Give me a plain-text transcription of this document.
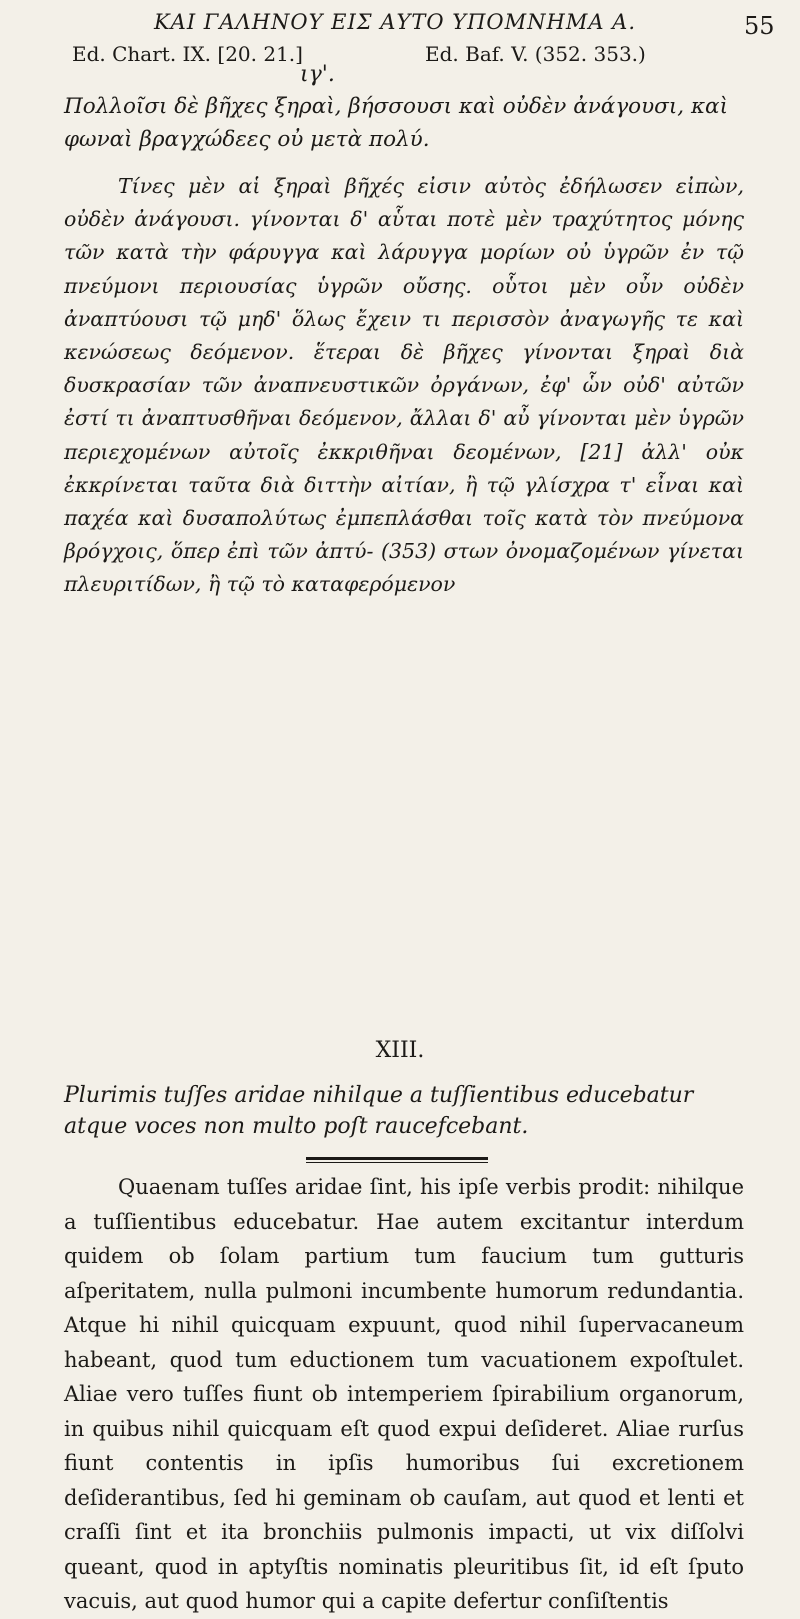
ΚΑΙ ΓΑΛΗΝΟΥ ΕΙΣ ΑΥΤΟ ΥΠΟΜΝΗΜΑ Α.	55
Ed. Chart. IX. [20. 21.]	Ed. Baf. V. (352. 353.)
ιγ'.
Πολλοῖσι δὲ βῆχες ξηραὶ, βήσσουσι καὶ οὐδὲν ἀνάγουσι, καὶ φωναὶ βραγχώδεες οὐ μετὰ πολύ.
Τίνες μὲν αἱ ξηραὶ βῆχές εἰσιν αὐτὸς ἐδήλωσεν εἰπὼν, οὐδὲν ἀνάγουσι. γίνονται δ' αὗται ποτὲ μὲν τραχύτητος μόνης τῶν κατὰ τὴν φάρυγγα καὶ λάρυγγα μορίων οὐ ὑγρῶν ἐν τῷ πνεύμονι περιουσίας ὑγρῶν οὔσης. οὗτοι μὲν οὖν οὐδὲν ἀναπτύουσι τῷ μηδ' ὅλως ἔχειν τι περισσὸν ἀναγωγῆς τε καὶ κενώσεως δεόμενον. ἕτεραι δὲ βῆχες γίνονται ξηραὶ διὰ δυσκρασίαν τῶν ἀναπνευστικῶν ὀργάνων, ἐφ' ὧν οὐδ' αὐτῶν ἐστί τι ἀναπτυσθῆναι δεόμενον, ἄλλαι δ' αὖ γίνονται μὲν ὑγρῶν περιεχομένων αὐτοῖς ἐκκριθῆναι δεομένων, [21] ἀλλ' οὐκ ἐκκρίνεται ταῦτα διὰ διττὴν αἰτίαν, ἢ τῷ γλίσχρα τ' εἶναι καὶ παχέα καὶ δυσαπολύτως ἐμπεπλάσθαι τοῖς κατὰ τὸν πνεύμονα βρόγχοις, ὅπερ ἐπὶ τῶν ἀπτύ- (353) στων ὀνομαζομένων γίνεται πλευριτίδων, ἢ τῷ τὸ καταφερόμενον
XIII.
Plurimis tuſſes aridae nihilque a tuſſientibus educebatur atque voces non multo poſt raucefcebant.
Quaenam tuſſes aridae ſint, his ipſe verbis prodit: nihilque a tuſſientibus educebatur. Hae autem excitantur interdum quidem ob ſolam partium tum faucium tum gutturis aſperitatem, nulla pulmoni incumbente humorum redundantia. Atque hi nihil quicquam expuunt, quod nihil ſupervacaneum habeant, quod tum eductionem tum vacuationem expoſtulet. Aliae vero tuſſes fiunt ob intemperiem ſpirabilium organorum, in quibus nihil quicquam eſt quod expui deſideret. Aliae rurſus fiunt contentis in ipſis humoribus ſui excretionem deſiderantibus, ſed hi geminam ob cauſam, aut quod et lenti et craſſi ſint et ita bronchiis pulmonis impacti, ut vix diſſolvi queant, quod in aptyſtis nominatis pleuritibus ſit, id eſt ſputo vacuis, aut quod humor qui a capite defertur conſiſtentis
